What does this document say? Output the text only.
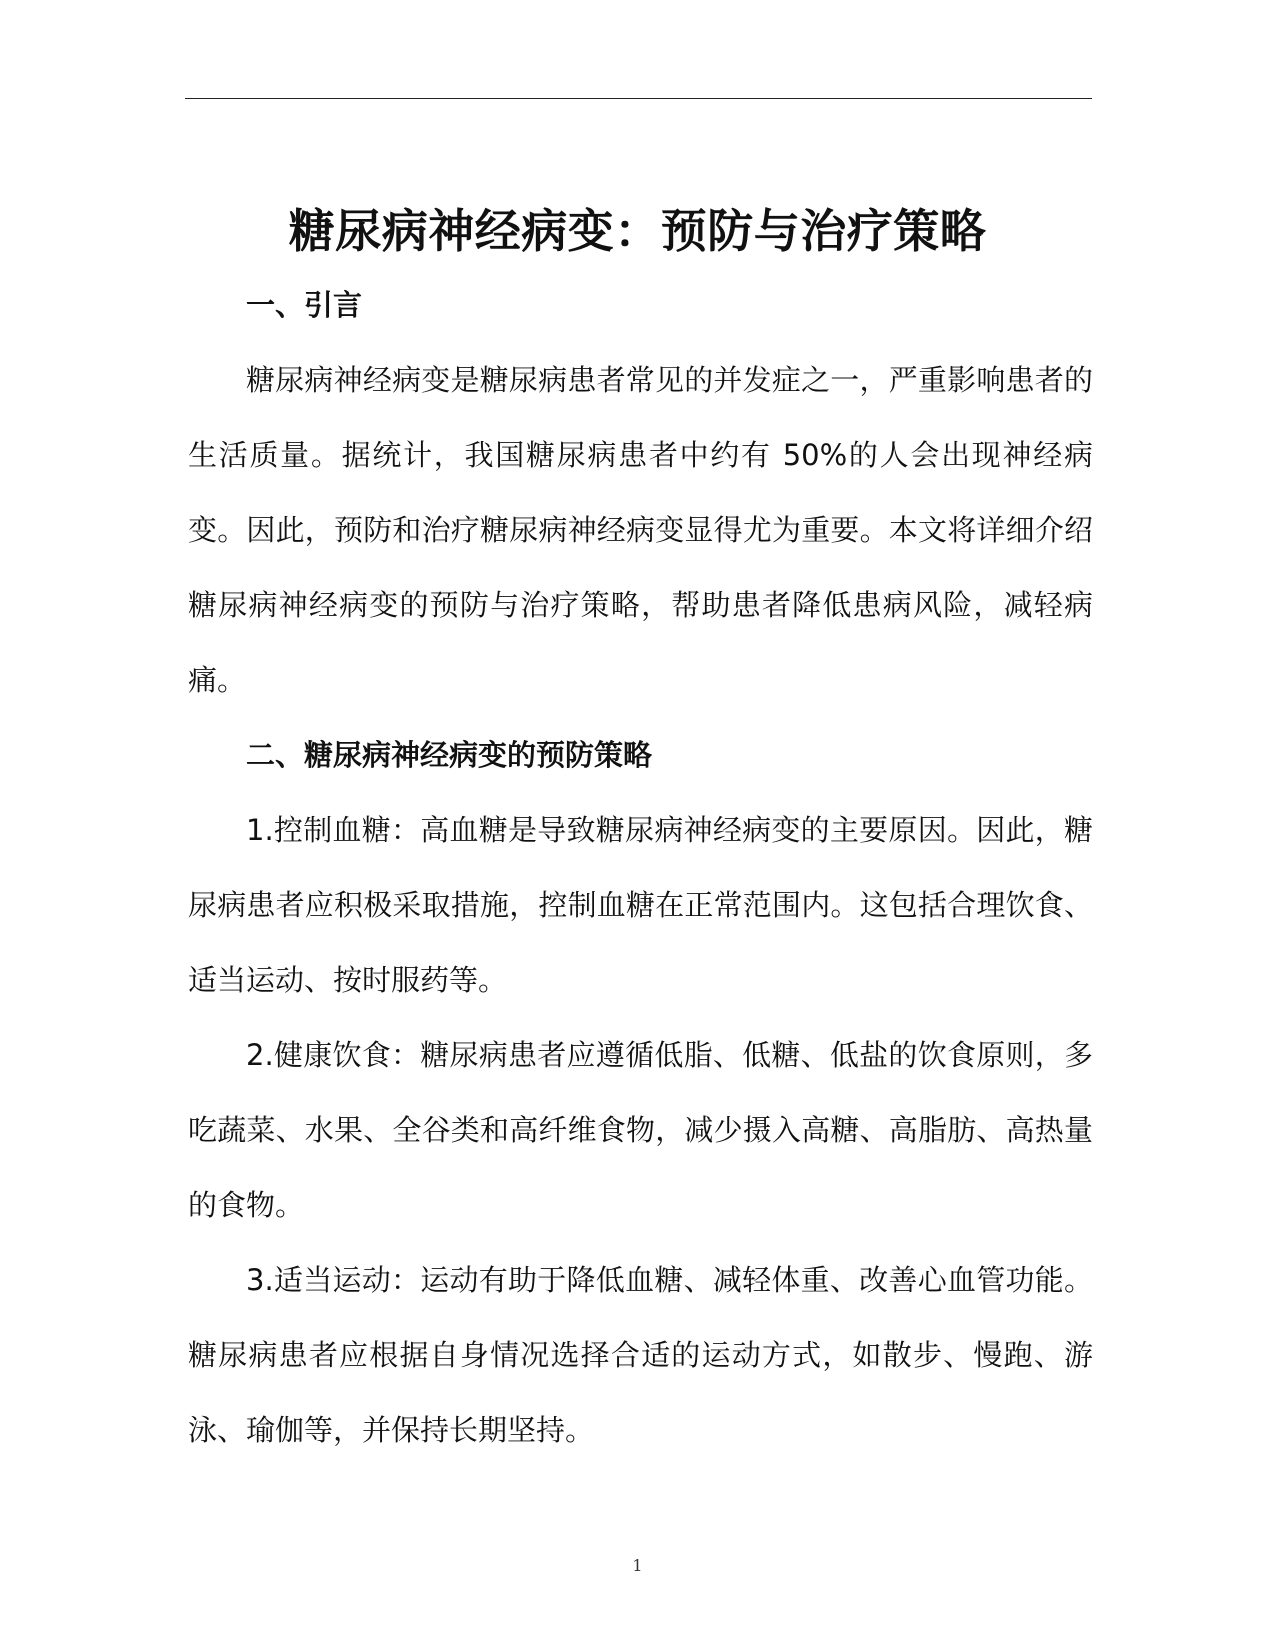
糖尿病神经病变：预防与治疗策略
一、引言

糖尿病神经病变是糖尿病患者常见的并发症之一，严重影响患者的生活质量。据统计，我国糖尿病患者中约有 50%的人会出现神经病变。因此，预防和治疗糖尿病神经病变显得尤为重要。本文将详细介绍糖尿病神经病变的预防与治疗策略，帮助患者降低患病风险，减轻病痛。

二、糖尿病神经病变的预防策略

1.控制血糖：高血糖是导致糖尿病神经病变的主要原因。因此，糖尿病患者应积极采取措施，控制血糖在正常范围内。这包括合理饮食、适当运动、按时服药等。

2.健康饮食：糖尿病患者应遵循低脂、低糖、低盐的饮食原则，多吃蔬菜、水果、全谷类和高纤维食物，减少摄入高糖、高脂肪、高热量的食物。

3.适当运动：运动有助于降低血糖、减轻体重、改善心血管功能。糖尿病患者应根据自身情况选择合适的运动方式，如散步、慢跑、游泳、瑜伽等，并保持长期坚持。

1
